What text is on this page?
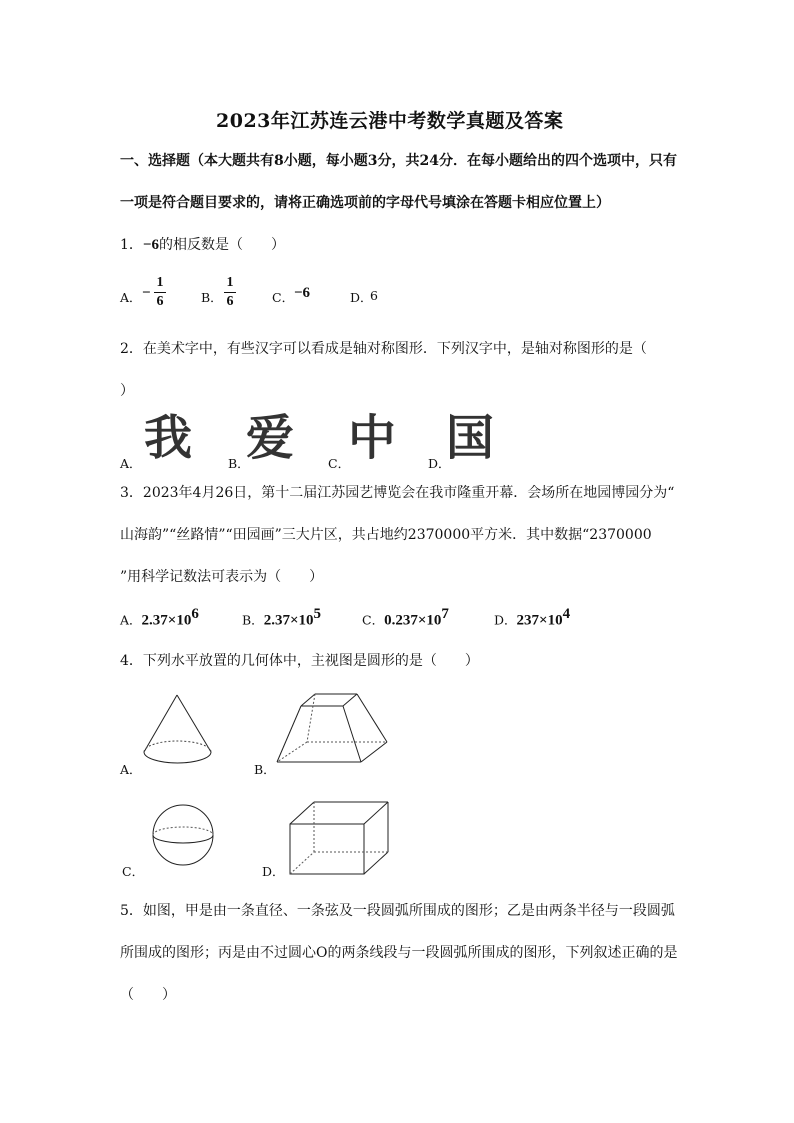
2023年江苏连云港中考数学真题及答案
一、选择题（本大题共有8小题，每小题3分，共24分．在每小题给出的四个选项中，只有
一项是符合题目要求的，请将正确选项前的字母代号填涂在答题卡相应位置上）
1．−6的相反数是（　　）
A． −
1
6	B．
1
6	C． −6	D．
6
2．在美术字中，有些汉字可以看成是轴对称图形．下列汉字中，是轴对称图形的是（
）
A． 我	B．
爱	C．
中	D．
国
3．2023年4月26日，第十二届江苏园艺博览会在我市隆重开幕．会场所在地园博园分为“
山海韵”“丝路情”“田园画”三大片区，共占地约2370000平方米．其中数据“2370000
”用科学记数法可表示为（　　）
A．$2.37\times 10^6$	B．$2.37\times 10^5$	C．$0.237\times 10^7$	D．$237\times 10^4$
4．下列水平放置的几何体中，主视图是圆形的是（　　）
A．	B．
C．	D．
5．如图，甲是由一条直径、一条弦及一段圆弧所围成的图形；乙是由两条半径与一段圆弧
所围成的图形；丙是由不过圆心O的两条线段与一段圆弧所围成的图形，下列叙述正确的是
（　　）
